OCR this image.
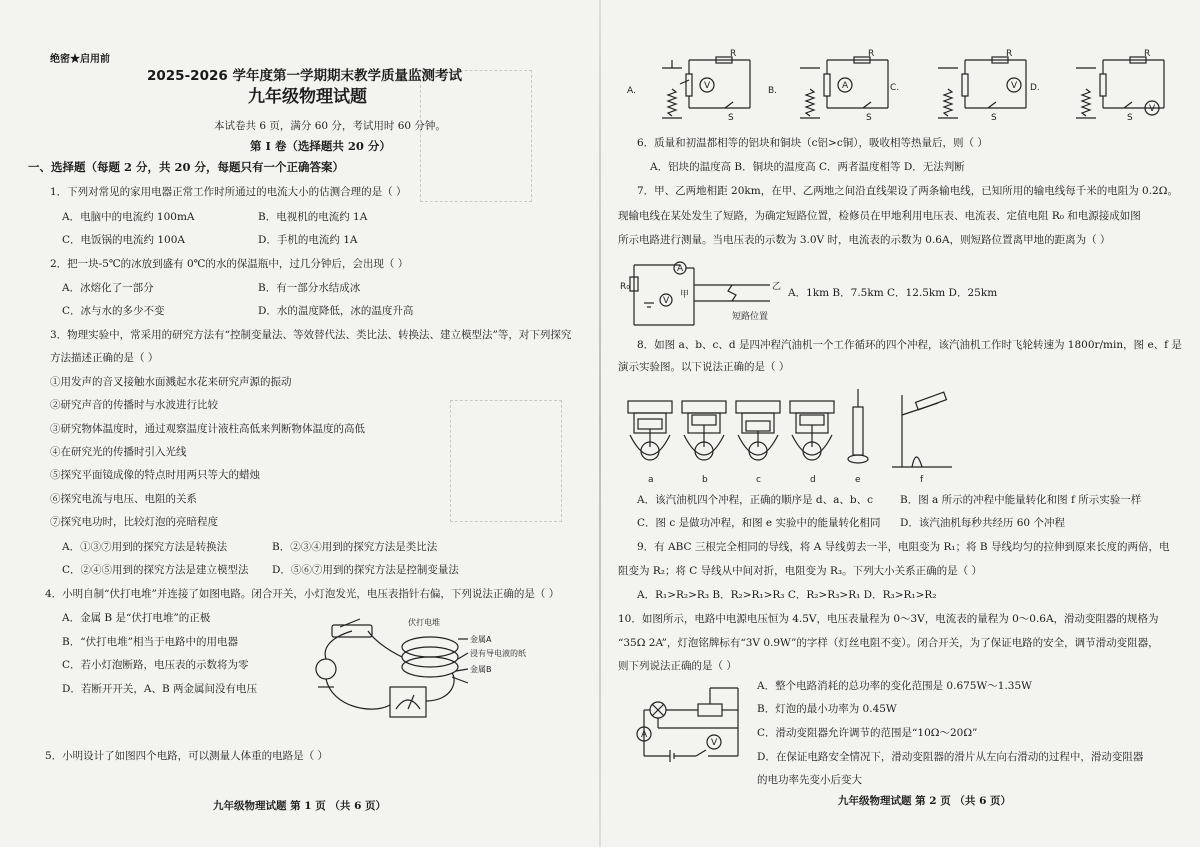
绝密★启用前
2025-2026 学年度第一学期期末教学质量监测考试
九年级物理试题
本试卷共 6 页，满分 60 分，考试用时 60 分钟。
第 I 卷（选择题共 20 分）
一、选择题（每题 2 分，共 20 分，每题只有一个正确答案）
1．下列对常见的家用电器正常工作时所通过的电流大小的估测合理的是（ ）
A．电脑中的电流约 100mA	B．电视机的电流约 1A
C．电饭锅的电流约 100A	D．手机的电流约 1A
2．把一块-5℃的冰放到盛有 0℃的水的保温瓶中，过几分钟后，会出现（ ）
A．冰熔化了一部分	B．有一部分水结成冰
C．冰与水的多少不变	D．水的温度降低，冰的温度升高
3．物理实验中，常采用的研究方法有“控制变量法、等效替代法、类比法、转换法、建立模型法”等，对下列探究
方法描述正确的是（ ）
①用发声的音叉接触水面溅起水花来研究声源的振动
②研究声音的传播时与水波进行比较
③研究物体温度时，通过观察温度计液柱高低来判断物体温度的高低
④在研究光的传播时引入光线
⑤探究平面镜成像的特点时用两只等大的蜡烛
⑥探究电流与电压、电阻的关系
⑦探究电功时，比较灯泡的亮暗程度
A．①③⑦用到的探究方法是转换法	B．②③④用到的探究方法是类比法
C．②④⑤用到的探究方法是建立模型法 D．⑤⑥⑦用到的探究方法是控制变量法
4．小明自制“伏打电堆”并连接了如图电路。闭合开关，小灯泡发光，电压表指针右偏，下列说法正确的是（ ）
A．金属 B 是“伏打电堆”的正极
B．“伏打电堆”相当于电路中的用电器
C．若小灯泡断路，电压表的示数将为零
D．若断开开关，A、B 两金属间没有电压
伏打电堆
金属A
浸有导电液的纸
金属B
5．小明设计了如图四个电路，可以测量人体重的电路是（ ）
九年级物理试题 第 1 页 （共 6 页）
A.	V
R
S
B.	A
R
S
C.	V
R
S
D.
V
R
S
6．质量和初温都相等的铝块和铜块（c铝>c铜），吸收相等热量后，则（ ）
A．铝块的温度高 B．铜块的温度高 C．两者温度相等 D．无法判断
7．甲、乙两地相距 20km，在甲、乙两地之间沿直线架设了两条输电线，已知所用的输电线每千米的电阻为 0.2Ω。
现输电线在某处发生了短路，为确定短路位置，检修员在甲地利用电压表、电流表、定值电阻 R₀ 和电源接成如图
所示电路进行测量。当电压表的示数为 3.0V 时，电流表的示数为 0.6A，则短路位置离甲地的距离为（ ）
R₀
A
V
甲
乙
短路位置
A．1km B．7.5km C．12.5km D．25km
8．如图 a、b、c、d 是四冲程汽油机一个工作循环的四个冲程，该汽油机工作时飞轮转速为 1800r/min，图 e、f 是
演示实验图。以下说法正确的是（ ）
a	b	c	d	e	f
A．该汽油机四个冲程，正确的顺序是 d、a、b、c	B．图 a 所示的冲程中能量转化和图 f 所示实验一样
C．图 c 是做功冲程，和图 e 实验中的能量转化相同 D．该汽油机每秒共经历 60 个冲程
9．有 ABC 三根完全相同的导线，将 A 导线剪去一半，电阻变为 R₁；将 B 导线均匀的拉伸到原来长度的两倍，电
阻变为 R₂；将 C 导线从中间对折，电阻变为 R₃。下列大小关系正确的是（ ）
A．R₁>R₂>R₃ B．R₂>R₁>R₃ C．R₂>R₃>R₁ D．R₃>R₁>R₂
10．如图所示，电路中电源电压恒为 4.5V，电压表量程为 0～3V，电流表的量程为 0～0.6A，滑动变阻器的规格为
“35Ω 2A”，灯泡铭牌标有“3V 0.9W”的字样（灯丝电阻不变）。闭合开关，为了保证电路的安全，调节滑动变阻器，
则下列说法正确的是（ ）
A
V
A．整个电路消耗的总功率的变化范围是 0.675W～1.35W
B．灯泡的最小功率为 0.45W
C．滑动变阻器允许调节的范围是“10Ω～20Ω”
D．在保证电路安全情况下，滑动变阻器的滑片从左向右滑动的过程中，滑动变阻器
的电功率先变小后变大
九年级物理试题 第 2 页 （共 6 页）
